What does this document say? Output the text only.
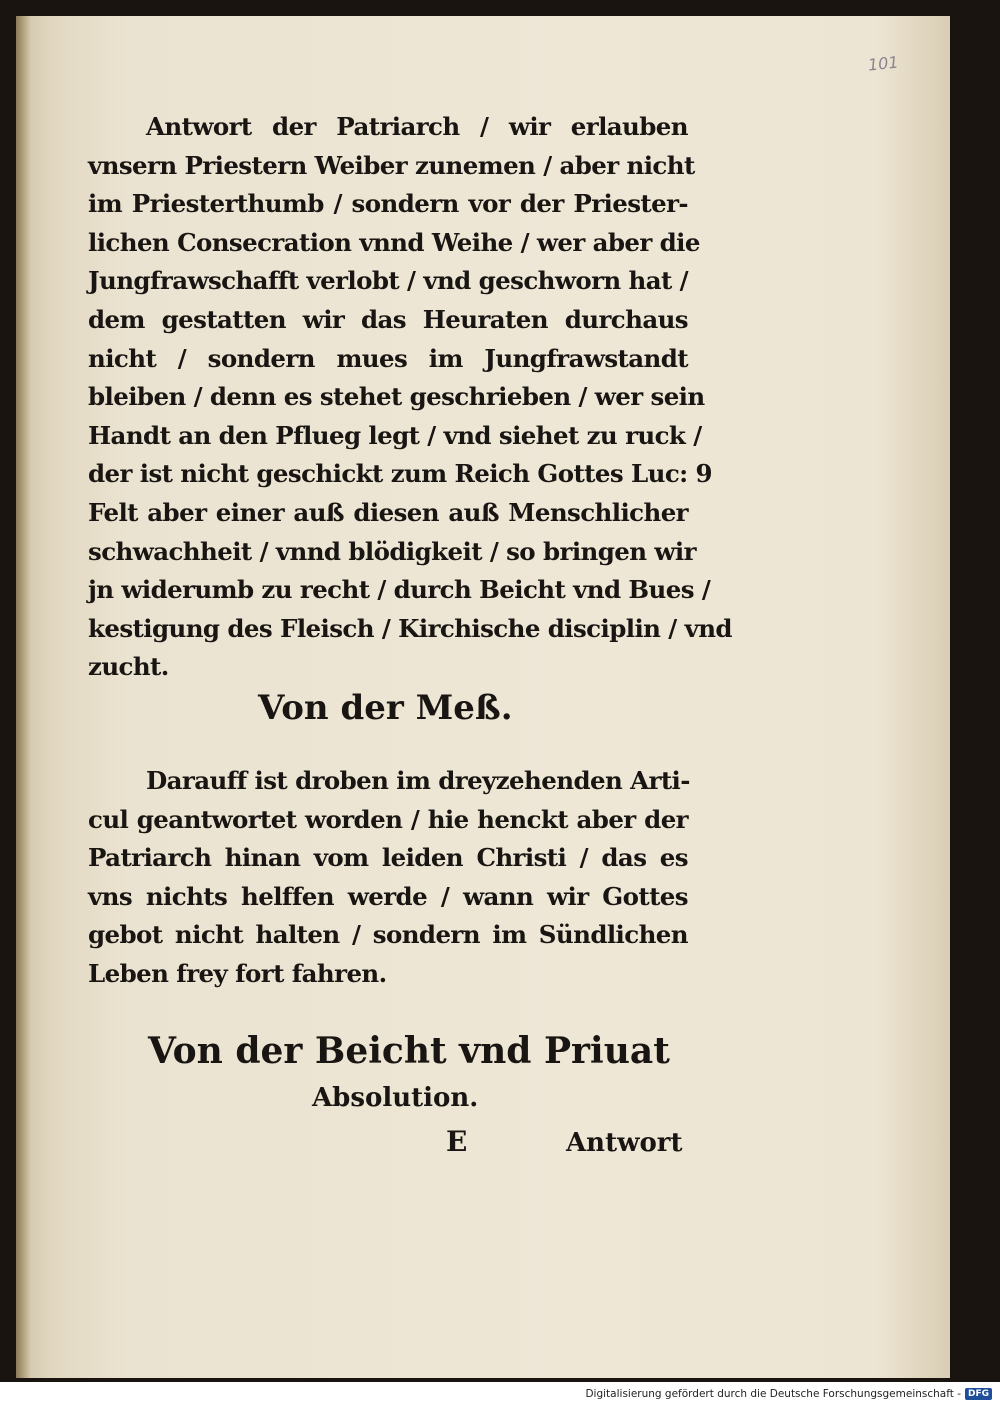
101
Antwort der Patriarch / wir erlauben
vnsern Priestern Weiber zunemen / aber nicht
im Priesterthumb / sondern vor der Priester-
lichen Consecration vnnd Weihe / wer aber die
Jungfrawschafft verlobt / vnd geschworn hat /
dem gestatten wir das Heuraten durchaus
nicht / sondern mues im Jungfrawstandt
bleiben / denn es stehet geschrieben / wer sein
Handt an den Pflueg legt / vnd siehet zu ruck /
der ist nicht geschickt zum Reich Gottes Luc: 9
Felt aber einer auß diesen auß Menschlicher
schwachheit / vnnd blödigkeit / so bringen wir
jn widerumb zu recht / durch Beicht vnd Bues /
kestigung des Fleisch / Kirchische disciplin / vnd
zucht.
Von der Meß.
Darauff ist droben im dreyzehenden Arti-
cul geantwortet worden / hie henckt aber der
Patriarch hinan vom leiden Christi / das es
vns nichts helffen werde / wann wir Gottes
gebot nicht halten / sondern im Sündlichen
Leben frey fort fahren.
Von der Beicht vnd Priuat
Absolution.
E	Antwort
Digitalisierung gefördert durch die Deutsche Forschungsgemeinschaft - DFG
